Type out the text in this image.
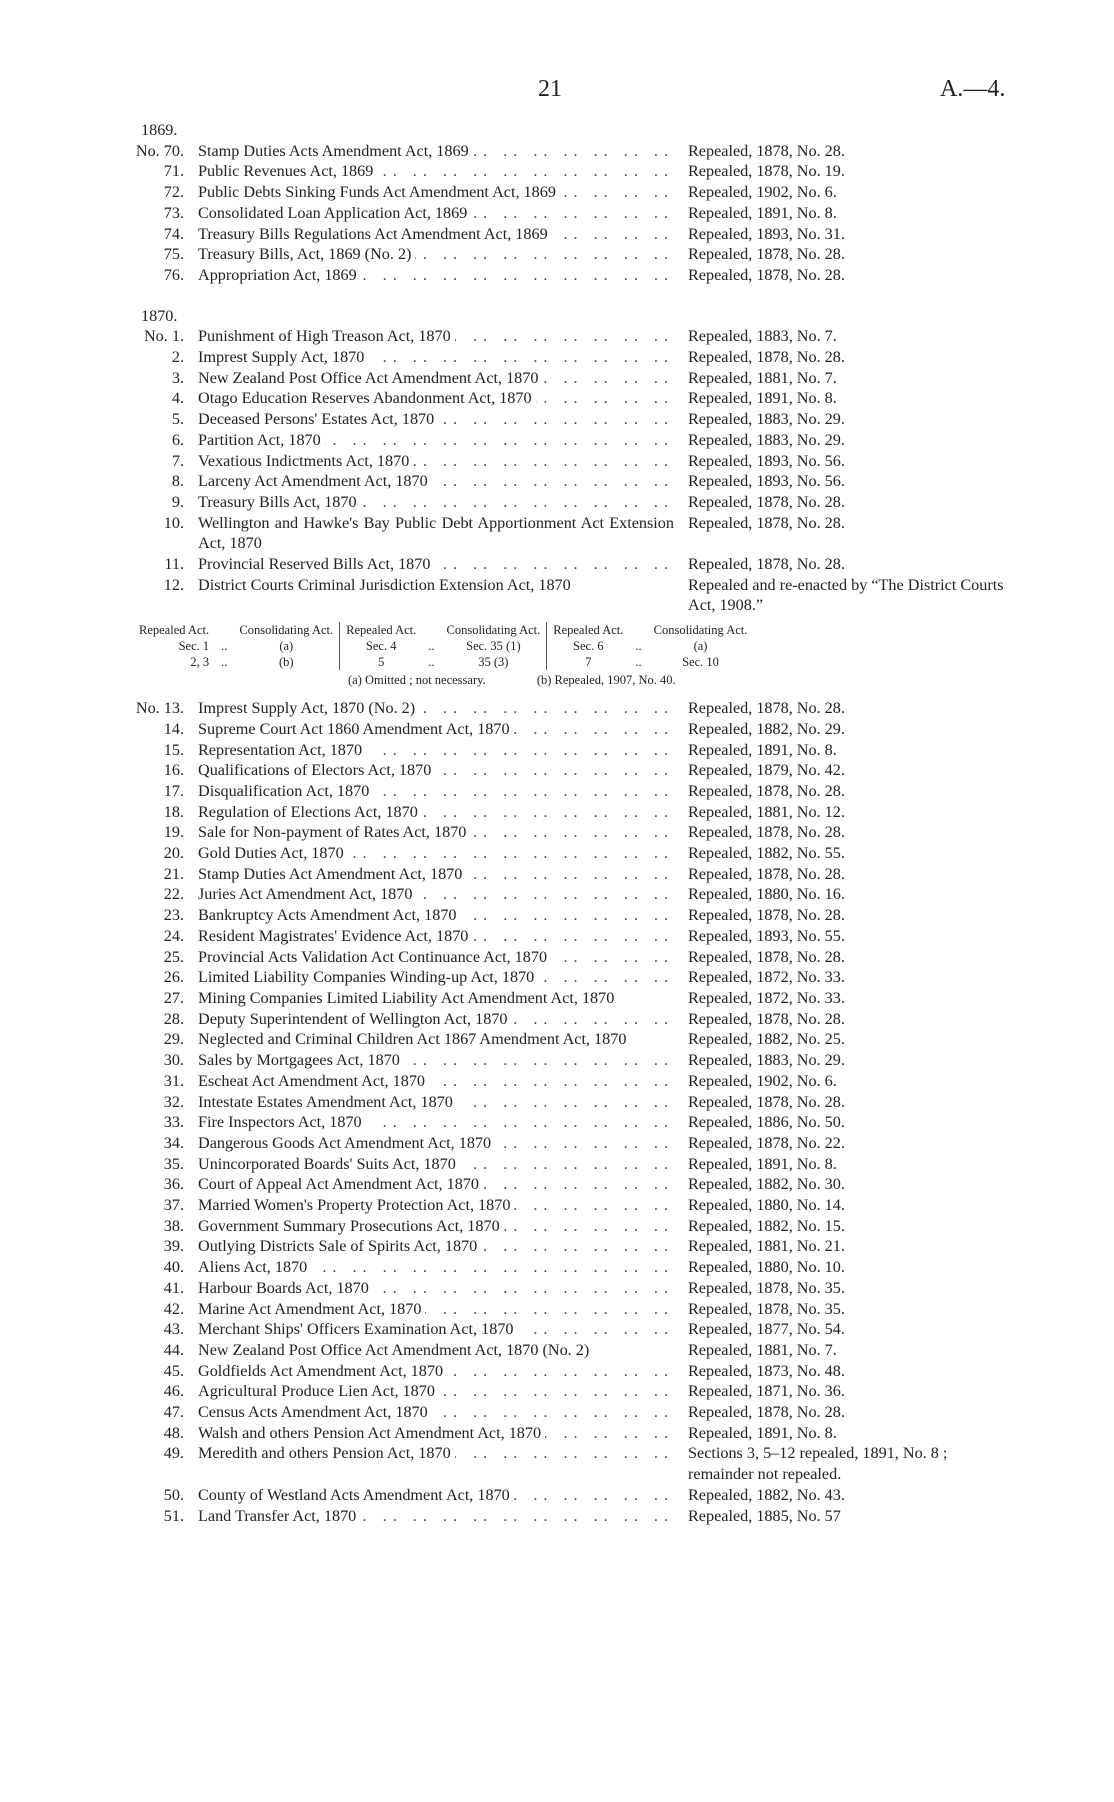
21	A.—4.
1869.
No. 70. Stamp Duties Acts Amendment Act, 1869 .. ..	Repealed, 1878, No. 28.
71. Public Revenues Act, 1869 .. ..	Repealed, 1878, No. 19.
72. Public Debts Sinking Funds Act Amendment Act, 1869 .. ..	Repealed, 1902, No. 6.
73. Consolidated Loan Application Act, 1869 .. ..	Repealed, 1891, No. 8.
74. Treasury Bills Regulations Act Amendment Act, 1869 .. ..	Repealed, 1893, No. 31.
75. Treasury Bills, Act, 1869 (No. 2) .. ..	Repealed, 1878, No. 28.
76. Appropriation Act, 1869 .. ..	Repealed, 1878, No. 28.
1870.
No. 1. Punishment of High Treason Act, 1870 .. ..	Repealed, 1883, No. 7.
2. Imprest Supply Act, 1870 .. ..	Repealed, 1878, No. 28.
3. New Zealand Post Office Act Amendment Act, 1870 .. ..	Repealed, 1881, No. 7.
4. Otago Education Reserves Abandonment Act, 1870 .. ..	Repealed, 1891, No. 8.
5. Deceased Persons' Estates Act, 1870 .. ..	Repealed, 1883, No. 29.
6. Partition Act, 1870 .. ..	Repealed, 1883, No. 29.
7. Vexatious Indictments Act, 1870 .. ..	Repealed, 1893, No. 56.
8. Larceny Act Amendment Act, 1870 .. ..	Repealed, 1893, No. 56.
9. Treasury Bills Act, 1870 .. ..	Repealed, 1878, No. 28.
10. Wellington and Hawke's Bay Public Debt Apportionment Act Extension Act, 1870
Repealed, 1878, No. 28.
11. Provincial Reserved Bills Act, 1870 .. ..	Repealed, 1878, No. 28.
12. District Courts Criminal Jurisdiction Extension Act, 1870	Repealed and re-enacted by “The District Courts Act, 1908.”
Repealed Act.		Consolidating Act.	Repealed Act.		Consolidating Act.	Repealed Act.		Consolidating Act.
Sec. 1	..	(a)	Sec. 4	..	Sec. 35 (1)	Sec. 6	..	(a)
2, 3	..	(b)	5	..	35 (3)	7	..	Sec. 10
(a) Omitted ; not necessary.	(b) Repealed, 1907, No. 40.
No. 13. Imprest Supply Act, 1870 (No. 2) .. ..	Repealed, 1878, No. 28.
14. Supreme Court Act 1860 Amendment Act, 1870 .. ..	Repealed, 1882, No. 29.
15. Representation Act, 1870 .. ..	Repealed, 1891, No. 8.
16. Qualifications of Electors Act, 1870 .. ..	Repealed, 1879, No. 42.
17. Disqualification Act, 1870 .. ..	Repealed, 1878, No. 28.
18. Regulation of Elections Act, 1870 .. ..	Repealed, 1881, No. 12.
19. Sale for Non-payment of Rates Act, 1870 .. ..	Repealed, 1878, No. 28.
20. Gold Duties Act, 1870 .. ..	Repealed, 1882, No. 55.
21. Stamp Duties Act Amendment Act, 1870 .. ..	Repealed, 1878, No. 28.
22. Juries Act Amendment Act, 1870 .. ..	Repealed, 1880, No. 16.
23. Bankruptcy Acts Amendment Act, 1870 .. ..	Repealed, 1878, No. 28.
24. Resident Magistrates' Evidence Act, 1870 .. ..	Repealed, 1893, No. 55.
25. Provincial Acts Validation Act Continuance Act, 1870 .. ..	Repealed, 1878, No. 28.
26. Limited Liability Companies Winding-up Act, 1870 .. ..	Repealed, 1872, No. 33.
27. Mining Companies Limited Liability Act Amendment Act, 1870	Repealed, 1872, No. 33.
28. Deputy Superintendent of Wellington Act, 1870 .. ..	Repealed, 1878, No. 28.
29. Neglected and Criminal Children Act 1867 Amendment Act, 1870	Repealed, 1882, No. 25.
30. Sales by Mortgagees Act, 1870 .. ..	Repealed, 1883, No. 29.
31. Escheat Act Amendment Act, 1870 .. ..	Repealed, 1902, No. 6.
32. Intestate Estates Amendment Act, 1870 .. ..	Repealed, 1878, No. 28.
33. Fire Inspectors Act, 1870 .. ..	Repealed, 1886, No. 50.
34. Dangerous Goods Act Amendment Act, 1870 .. ..	Repealed, 1878, No. 22.
35. Unincorporated Boards' Suits Act, 1870 .. ..	Repealed, 1891, No. 8.
36. Court of Appeal Act Amendment Act, 1870 .. ..	Repealed, 1882, No. 30.
37. Married Women's Property Protection Act, 1870 .. ..	Repealed, 1880, No. 14.
38. Government Summary Prosecutions Act, 1870 .. ..	Repealed, 1882, No. 15.
39. Outlying Districts Sale of Spirits Act, 1870 .. ..	Repealed, 1881, No. 21.
40. Aliens Act, 1870 .. ..	Repealed, 1880, No. 10.
41. Harbour Boards Act, 1870 .. ..	Repealed, 1878, No. 35.
42. Marine Act Amendment Act, 1870 .. ..	Repealed, 1878, No. 35.
43. Merchant Ships' Officers Examination Act, 1870 .. ..	Repealed, 1877, No. 54.
44. New Zealand Post Office Act Amendment Act, 1870 (No. 2)	Repealed, 1881, No. 7.
45. Goldfields Act Amendment Act, 1870 .. ..	Repealed, 1873, No. 48.
46. Agricultural Produce Lien Act, 1870 .. ..	Repealed, 1871, No. 36.
47. Census Acts Amendment Act, 1870 .. ..	Repealed, 1878, No. 28.
48. Walsh and others Pension Act Amendment Act, 1870 .. ..	Repealed, 1891, No. 8.
49. Meredith and others Pension Act, 1870 .. ..	Sections 3, 5–12 repealed, 1891, No. 8 ; remainder not repealed.
50. County of Westland Acts Amendment Act, 1870 .. ..	Repealed, 1882, No. 43.
51. Land Transfer Act, 1870 .. ..	Repealed, 1885, No. 57
